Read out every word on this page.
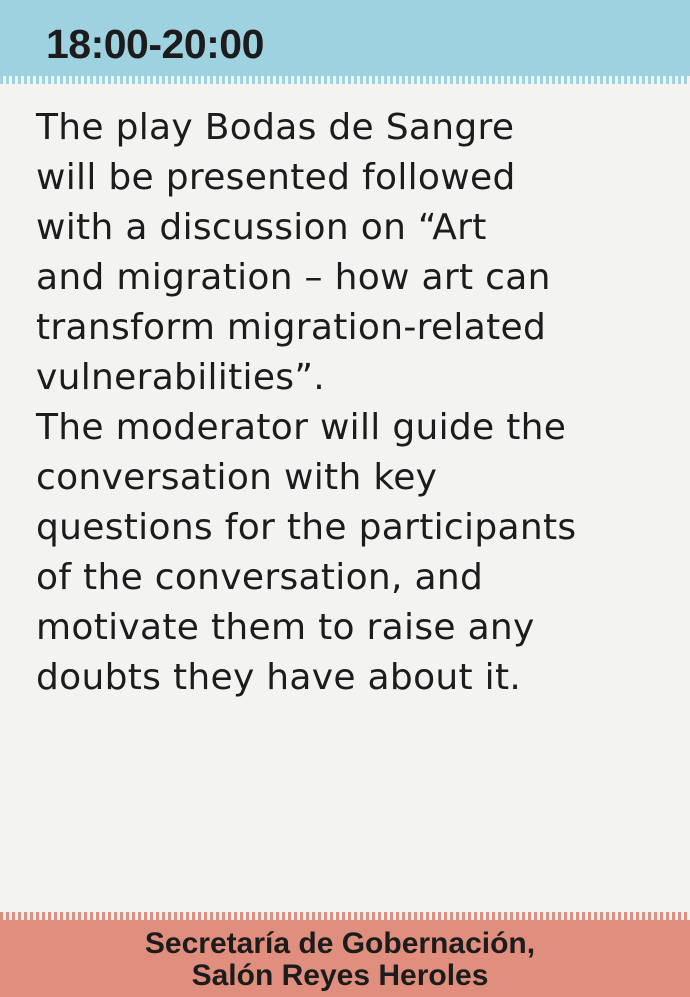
18:00-20:00

The play Bodas de Sangre
will be presented followed
with a discussion on “Art
and migration – how art can
transform migration-related
vulnerabilities”.
The moderator will guide the
conversation with key
questions for the participants
of the conversation, and
motivate them to raise any
doubts they have about it.

Secretaría de Gobernación,
Salón Reyes Heroles
